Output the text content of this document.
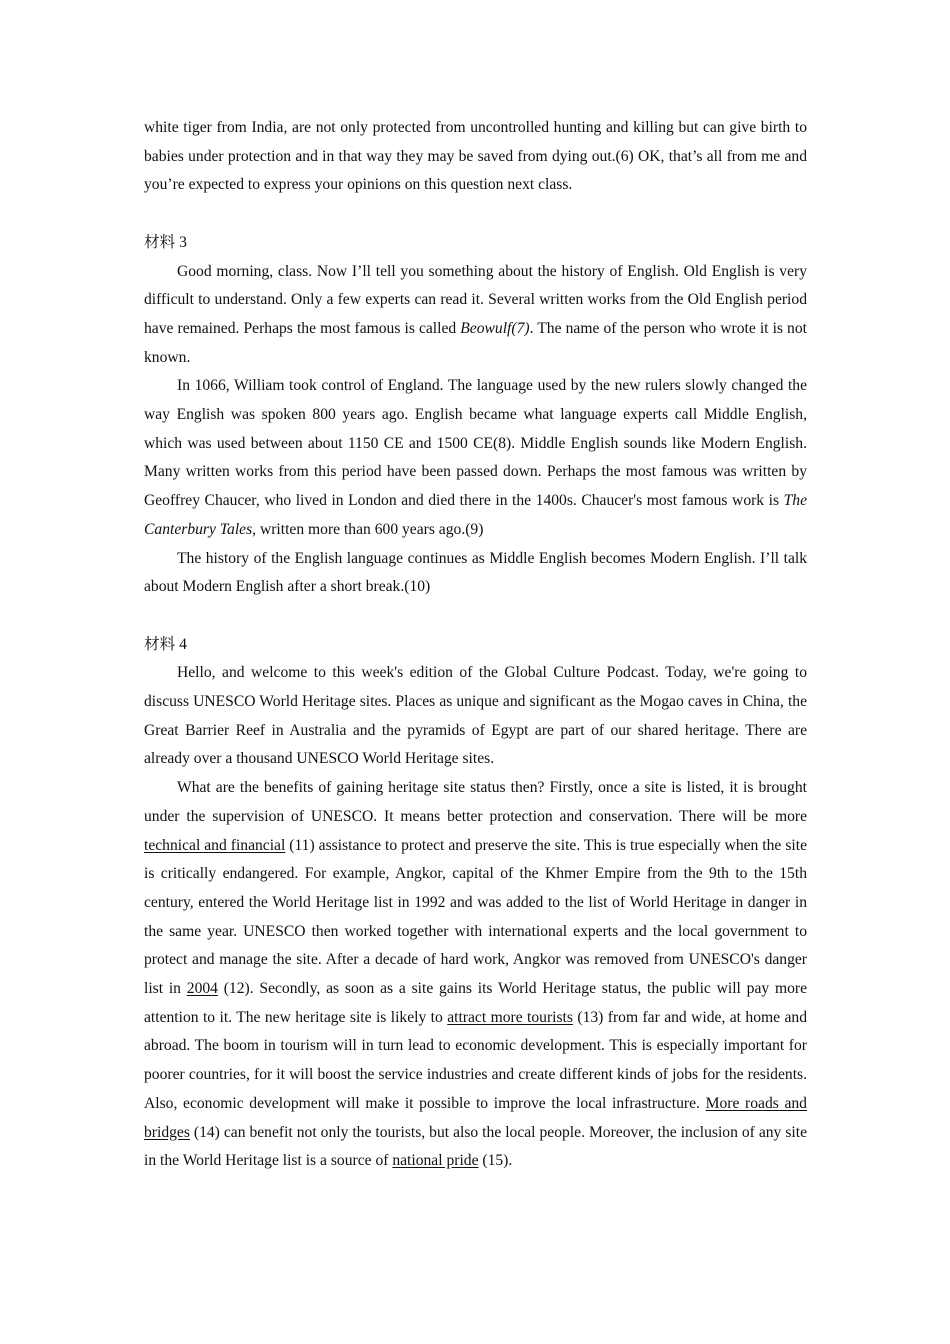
white tiger from India, are not only protected from uncontrolled hunting and killing but can give birth to babies under protection and in that way they may be saved from dying out.(6) OK, that’s all from me and you’re expected to express your opinions on this question next class.

材料 3

Good morning, class. Now I’ll tell you something about the history of English. Old English is very difficult to understand. Only a few experts can read it. Several written works from the Old English period have remained. Perhaps the most famous is called Beowulf(7). The name of the person who wrote it is not known.

In 1066, William took control of England. The language used by the new rulers slowly changed the way English was spoken 800 years ago. English became what language experts call Middle English, which was used between about 1150 CE and 1500 CE(8). Middle English sounds like Modern English. Many written works from this period have been passed down. Perhaps the most famous was written by Geoffrey Chaucer, who lived in London and died there in the 1400s. Chaucer's most famous work is The Canterbury Tales, written more than 600 years ago.(9)

The history of the English language continues as Middle English becomes Modern English. I’ll talk about Modern English after a short break.(10)

材料 4

Hello, and welcome to this week's edition of the Global Culture Podcast. Today, we're going to discuss UNESCO World Heritage sites. Places as unique and significant as the Mogao caves in China, the Great Barrier Reef in Australia and the pyramids of Egypt are part of our shared heritage. There are already over a thousand UNESCO World Heritage sites.

What are the benefits of gaining heritage site status then? Firstly, once a site is listed, it is brought under the supervision of UNESCO. It means better protection and conservation. There will be more technical and financial (11) assistance to protect and preserve the site. This is true especially when the site is critically endangered. For example, Angkor, capital of the Khmer Empire from the 9th to the 15th century, entered the World Heritage list in 1992 and was added to the list of World Heritage in danger in the same year. UNESCO then worked together with international experts and the local government to protect and manage the site. After a decade of hard work, Angkor was removed from UNESCO's danger list in 2004 (12). Secondly, as soon as a site gains its World Heritage status, the public will pay more attention to it. The new heritage site is likely to attract more tourists (13) from far and wide, at home and abroad. The boom in tourism will in turn lead to economic development. This is especially important for poorer countries, for it will boost the service industries and create different kinds of jobs for the residents. Also, economic development will make it possible to improve the local infrastructure. More roads and bridges (14) can benefit not only the tourists, but also the local people. Moreover, the inclusion of any site in the World Heritage list is a source of national pride (15).
